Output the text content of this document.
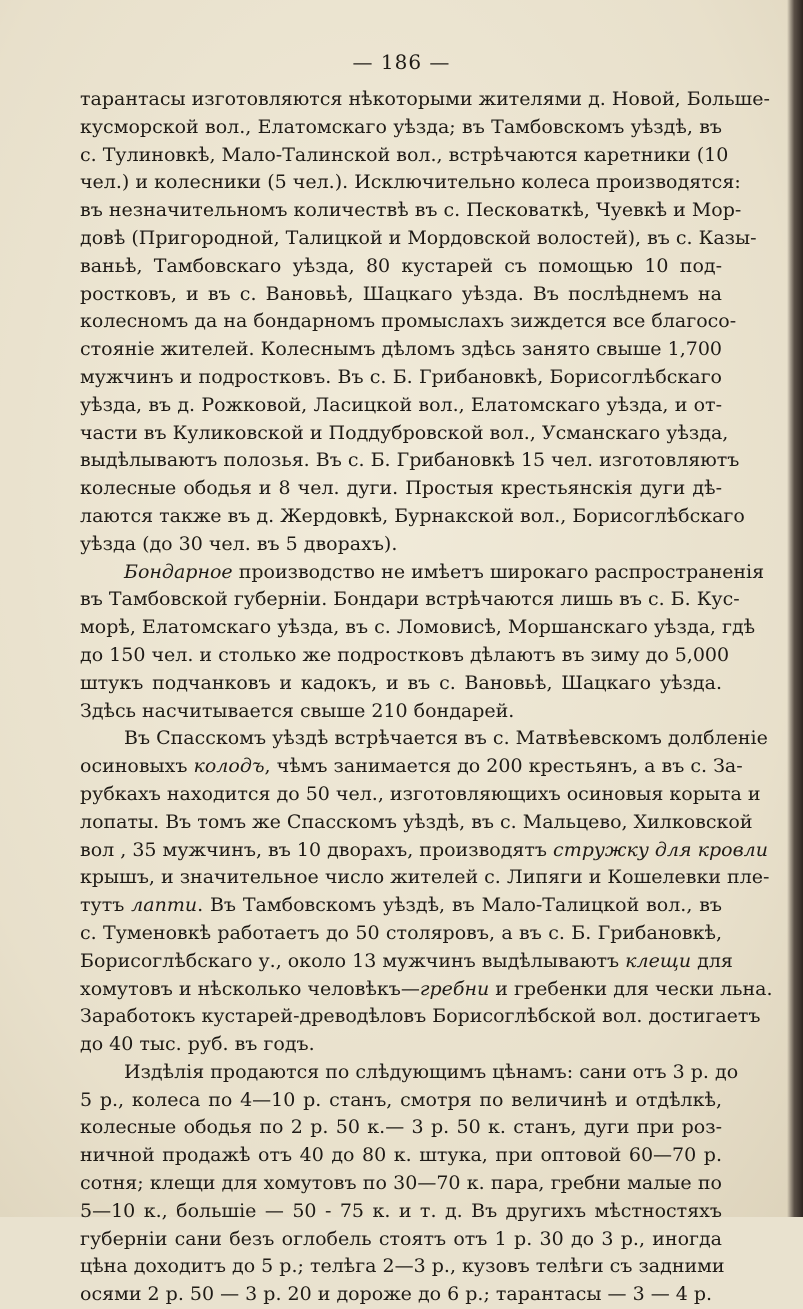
— 186 —
тарантасы изготовляются нѣкоторыми жителями д. Новой, Больше-
кусморской вол., Елатомскаго уѣзда; въ Тамбовскомъ уѣздѣ, въ
с. Тулиновкѣ, Мало-Талинской вол., встрѣчаются каретники (10
чел.) и колесники (5 чел.). Исключительно колеса производятся:
въ незначительномъ количествѣ въ с. Песковаткѣ, Чуевкѣ и Мор-
довѣ (Пригородной, Талицкой и Мордовской волостей), въ с. Казы-
ваньѣ, Тамбовскаго уѣзда, 80 кустарей съ помощью 10 под-
ростковъ, и въ с. Вановьѣ, Шацкаго уѣзда. Въ послѣднемъ на
колесномъ да на бондарномъ промыслахъ зиждется все благосо-
стояніе жителей. Колеснымъ дѣломъ здѣсь занято свыше 1,700
мужчинъ и подростковъ. Въ с. Б. Грибановкѣ, Борисоглѣбскаго
уѣзда, въ д. Рожковой, Ласицкой вол., Елатомскаго уѣзда, и от-
части въ Куликовской и Поддубровской вол., Усманскаго уѣзда,
выдѣлываютъ полозья. Въ с. Б. Грибановкѣ 15 чел. изготовляютъ
колесные ободья и 8 чел. дуги. Простыя крестьянскія дуги дѣ-
лаются также въ д. Жердовкѣ, Бурнакской вол., Борисоглѣбскаго
уѣзда (до 30 чел. въ 5 дворахъ).
Бондарное производство не имѣетъ широкаго распространенія
въ Тамбовской губерніи. Бондари встрѣчаются лишь въ с. Б. Кус-
морѣ, Елатомскаго уѣзда, въ с. Ломовисѣ, Моршанскаго уѣзда, гдѣ
до 150 чел. и столько же подростковъ дѣлаютъ въ зиму до 5,000
штукъ подчанковъ и кадокъ, и въ с. Вановьѣ, Шацкаго уѣзда.
Здѣсь насчитывается свыше 210 бондарей.
Въ Спасскомъ уѣздѣ встрѣчается въ с. Матвѣевскомъ долбленіе
осиновыхъ колодъ, чѣмъ занимается до 200 крестьянъ, а въ с. За-
рубкахъ находится до 50 чел., изготовляющихъ осиновыя корыта и
лопаты. Въ томъ же Спасскомъ уѣздѣ, въ с. Мальцево, Хилковской
вол , 35 мужчинъ, въ 10 дворахъ, производятъ стружку для кровли
крышъ, и значительное число жителей с. Липяги и Кошелевки пле-
тутъ лапти. Въ Тамбовскомъ уѣздѣ, въ Мало-Талицкой вол., въ
с. Туменовкѣ работаетъ до 50 столяровъ, а въ с. Б. Грибановкѣ,
Борисоглѣбскаго у., около 13 мужчинъ выдѣлываютъ клещи для
хомутовъ и нѣсколько человѣкъ—гребни и гребенки для чески льна.
Заработокъ кустарей-древодѣловъ Борисоглѣбской вол. достигаетъ
до 40 тыс. руб. въ годъ.
Издѣлія продаются по слѣдующимъ цѣнамъ: сани отъ 3 р. до
5 р., колеса по 4—10 р. станъ, смотря по величинѣ и отдѣлкѣ,
колесные ободья по 2 р. 50 к.— 3 р. 50 к. станъ, дуги при роз-
ничной продажѣ отъ 40 до 80 к. штука, при оптовой 60—70 р.
сотня; клещи для хомутовъ по 30—70 к. пара, гребни малые по
5—10 к., большіе — 50 - 75 к. и т. д. Въ другихъ мѣстностяхъ
губерніи сани безъ оглобель стоятъ отъ 1 р. 30 до 3 р., иногда
цѣна доходитъ до 5 р.; телѣга 2—3 р., кузовъ телѣги съ задними
осями 2 р. 50 — 3 р. 20 и дороже до 6 р.; тарантасы — 3 — 4 р.
